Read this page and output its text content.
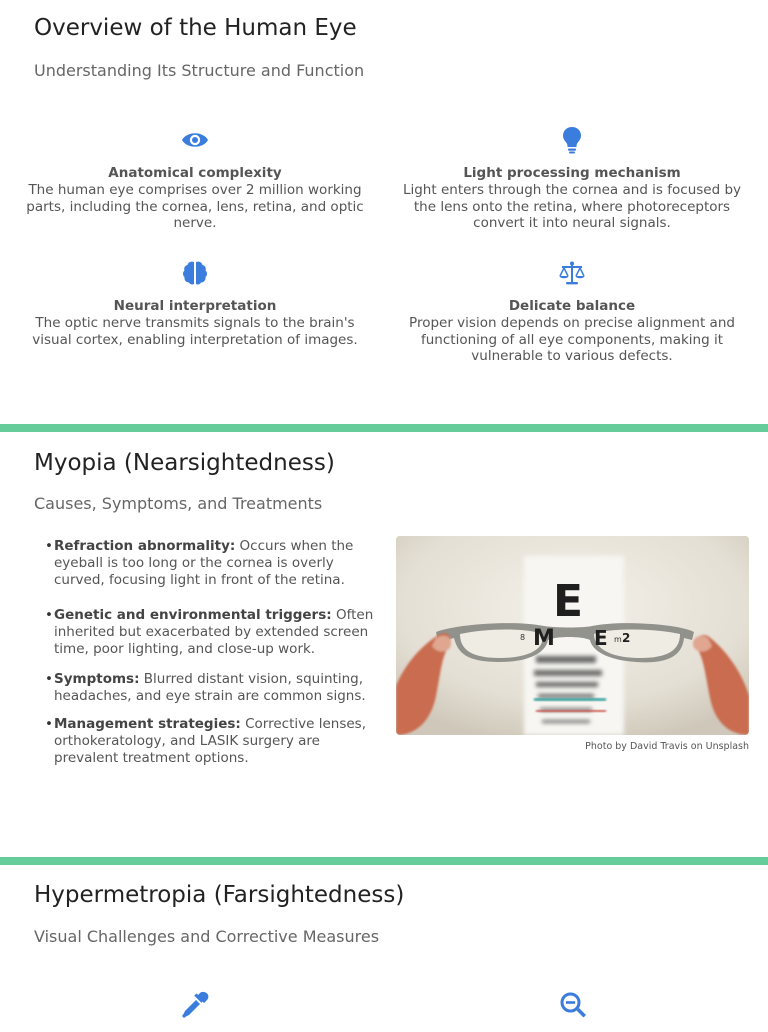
Overview of the Human Eye
Understanding Its Structure and Function
Anatomical complexity
The human eye comprises over 2 million working parts, including the cornea, lens, retina, and optic nerve.
Light processing mechanism
Light enters through the cornea and is focused by the lens onto the retina, where photoreceptors convert it into neural signals.
Neural interpretation
The optic nerve transmits signals to the brain's visual cortex, enabling interpretation of images.
Delicate balance
Proper vision depends on precise alignment and functioning of all eye components, making it vulnerable to various defects.
Myopia (Nearsightedness)
Causes, Symptoms, and Treatments
• Refraction abnormality: Occurs when the eyeball is too long or the cornea is overly curved, focusing light in front of the retina.
• Genetic and environmental triggers: Often inherited but exacerbated by extended screen time, poor lighting, and close-up work.
• Symptoms: Blurred distant vision, squinting, headaches, and eye strain are common signs.
• Management strategies: Corrective lenses, orthokeratology, and LASIK surgery are prevalent treatment options.
E
M
8	E 2
m
Photo by David Travis on Unsplash
Hypermetropia (Farsightedness)
Visual Challenges and Corrective Measures
